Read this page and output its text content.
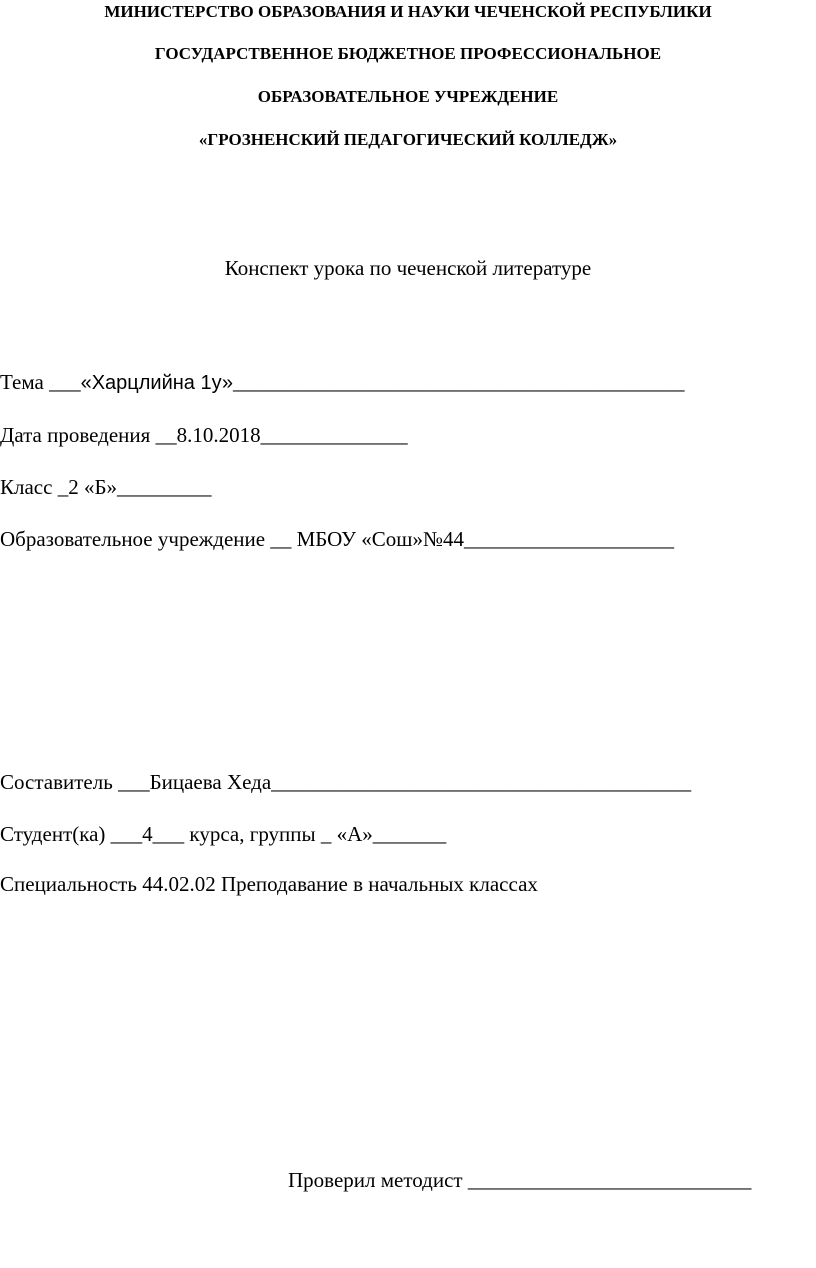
МИНИСТЕРСТВО ОБРАЗОВАНИЯ И НАУКИ ЧЕЧЕНСКОЙ РЕСПУБЛИКИ
ГОСУДАРСТВЕННОЕ БЮДЖЕТНОЕ ПРОФЕССИОНАЛЬНОЕ
ОБРАЗОВАТЕЛЬНОЕ УЧРЕЖДЕНИЕ
«ГРОЗНЕНСКИЙ ПЕДАГОГИЧЕСКИЙ КОЛЛЕДЖ»
Конспект урока по чеченской литературе
Тема ___«Харцлийна 1у»___________________________________________
Дата проведения __8.10.2018______________
Класс _2 «Б»_________
Образовательное учреждение __ МБОУ «Сош»№44____________________
Составитель ___Бицаева Хеда________________________________________
Студент(ка) ___4___ курса, группы _ «А»_______
Специальность 44.02.02 Преподавание в начальных классах
Проверил методист ___________________________
